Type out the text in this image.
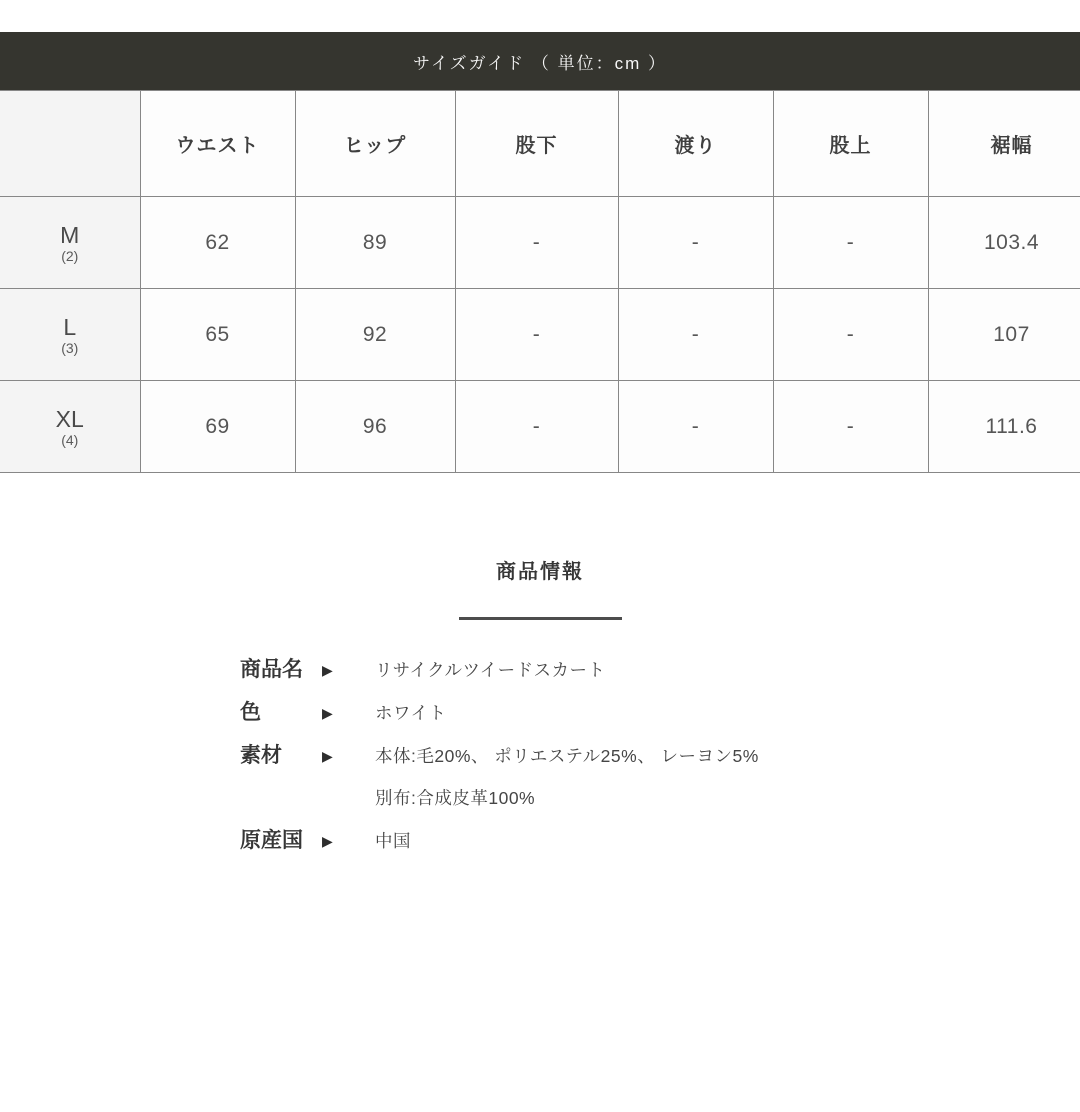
サイズガイド （ 単位：cm ）
	ウエスト	ヒップ	股下	渡り	股上	裾幅

M
(2)	62	89	-	-	-	103.4

L
(3)	65	92	-	-	-	107

XL
(4)	69	96	-	-	-	111.6
商品情報
商品名	▶	リサイクルツイードスカート
色	▶	ホワイト
素材	▶	本体:毛20%、 ポリエステル25%、 レーヨン5%
別布:合成皮革100%
原産国	▶	中国
